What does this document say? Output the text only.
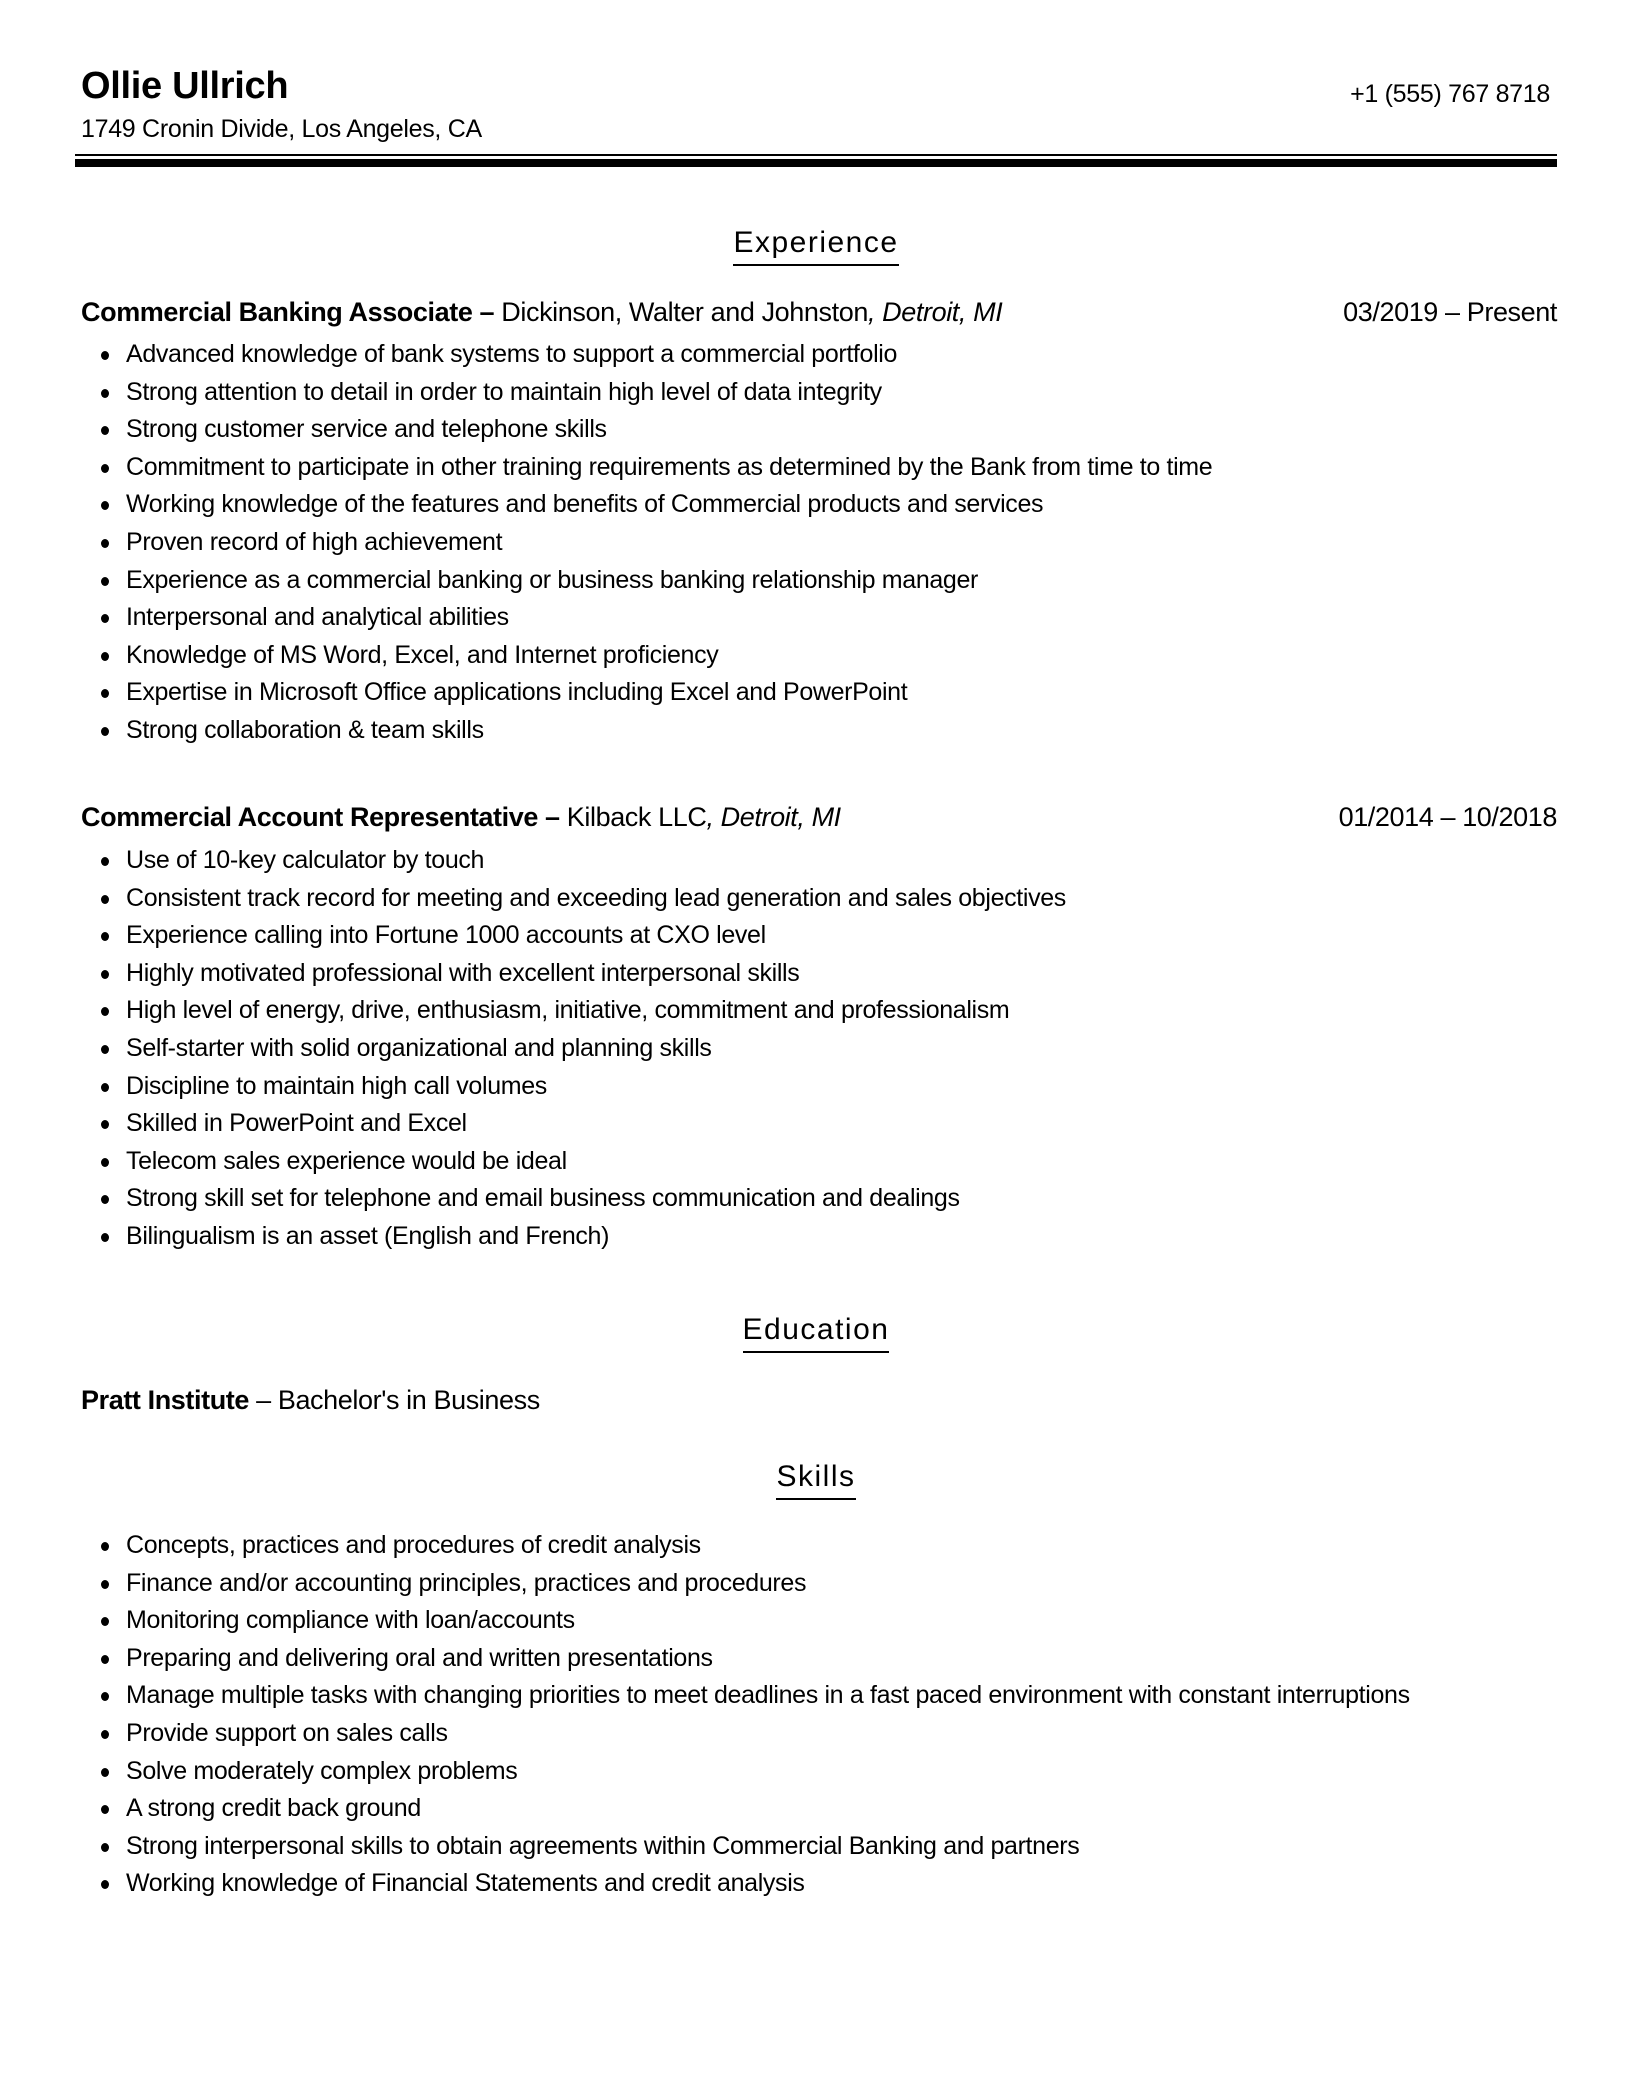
Ollie Ullrich
1749 Cronin Divide, Los Angeles, CA
+1 (555) 767 8718
Experience
Commercial Banking Associate – Dickinson, Walter and Johnston, Detroit, MI	03/2019 – Present
Advanced knowledge of bank systems to support a commercial portfolio
Strong attention to detail in order to maintain high level of data integrity
Strong customer service and telephone skills
Commitment to participate in other training requirements as determined by the Bank from time to time
Working knowledge of the features and benefits of Commercial products and services
Proven record of high achievement
Experience as a commercial banking or business banking relationship manager
Interpersonal and analytical abilities
Knowledge of MS Word, Excel, and Internet proficiency
Expertise in Microsoft Office applications including Excel and PowerPoint
Strong collaboration & team skills
Commercial Account Representative – Kilback LLC, Detroit, MI	01/2014 – 10/2018
Use of 10-key calculator by touch
Consistent track record for meeting and exceeding lead generation and sales objectives
Experience calling into Fortune 1000 accounts at CXO level
Highly motivated professional with excellent interpersonal skills
High level of energy, drive, enthusiasm, initiative, commitment and professionalism
Self-starter with solid organizational and planning skills
Discipline to maintain high call volumes
Skilled in PowerPoint and Excel
Telecom sales experience would be ideal
Strong skill set for telephone and email business communication and dealings
Bilingualism is an asset (English and French)
Education
Pratt Institute – Bachelor's in Business
Skills
Concepts, practices and procedures of credit analysis
Finance and/or accounting principles, practices and procedures
Monitoring compliance with loan/accounts
Preparing and delivering oral and written presentations
Manage multiple tasks with changing priorities to meet deadlines in a fast paced environment with constant interruptions
Provide support on sales calls
Solve moderately complex problems
A strong credit back ground
Strong interpersonal skills to obtain agreements within Commercial Banking and partners
Working knowledge of Financial Statements and credit analysis
